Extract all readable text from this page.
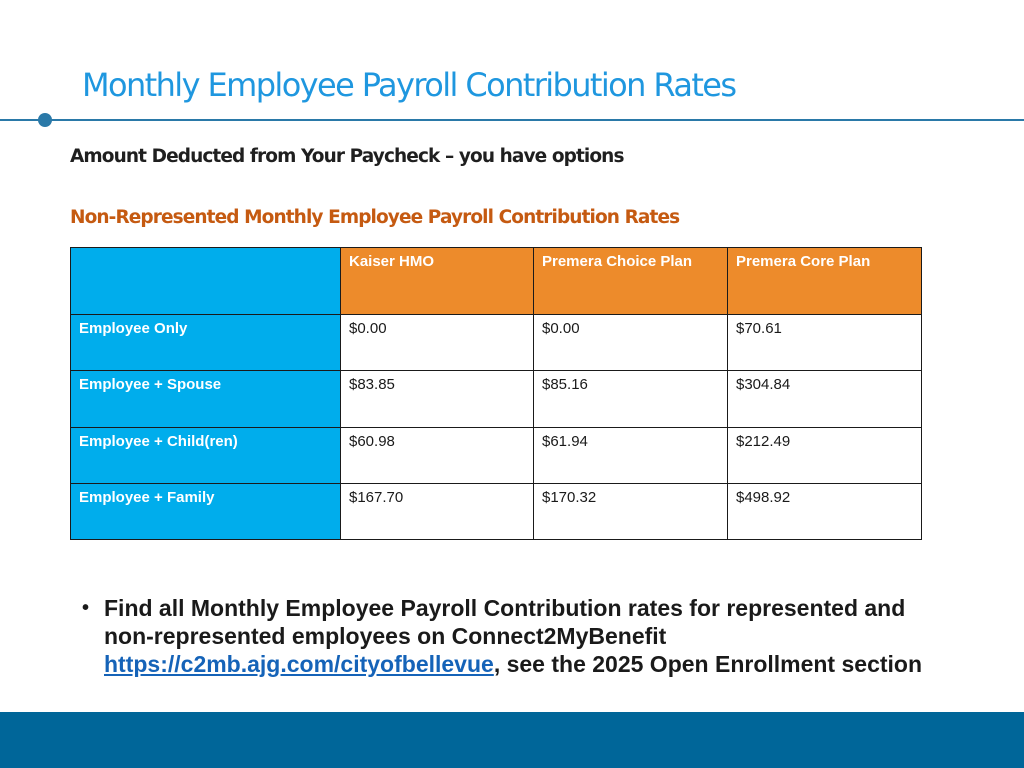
Monthly Employee Payroll Contribution Rates
Amount Deducted from Your Paycheck – you have options
Non-Represented Monthly Employee Payroll Contribution Rates
	Kaiser HMO	Premera Choice Plan	Premera Core Plan
Employee Only	$0.00	$0.00	$70.61
Employee + Spouse	$83.85	$85.16	$304.84
Employee + Child(ren)	$60.98	$61.94	$212.49
Employee + Family	$167.70	$170.32	$498.92
• Find all Monthly Employee Payroll Contribution rates for represented and non-represented employees on Connect2MyBenefit https://c2mb.ajg.com/cityofbellevue, see the 2025 Open Enrollment section
